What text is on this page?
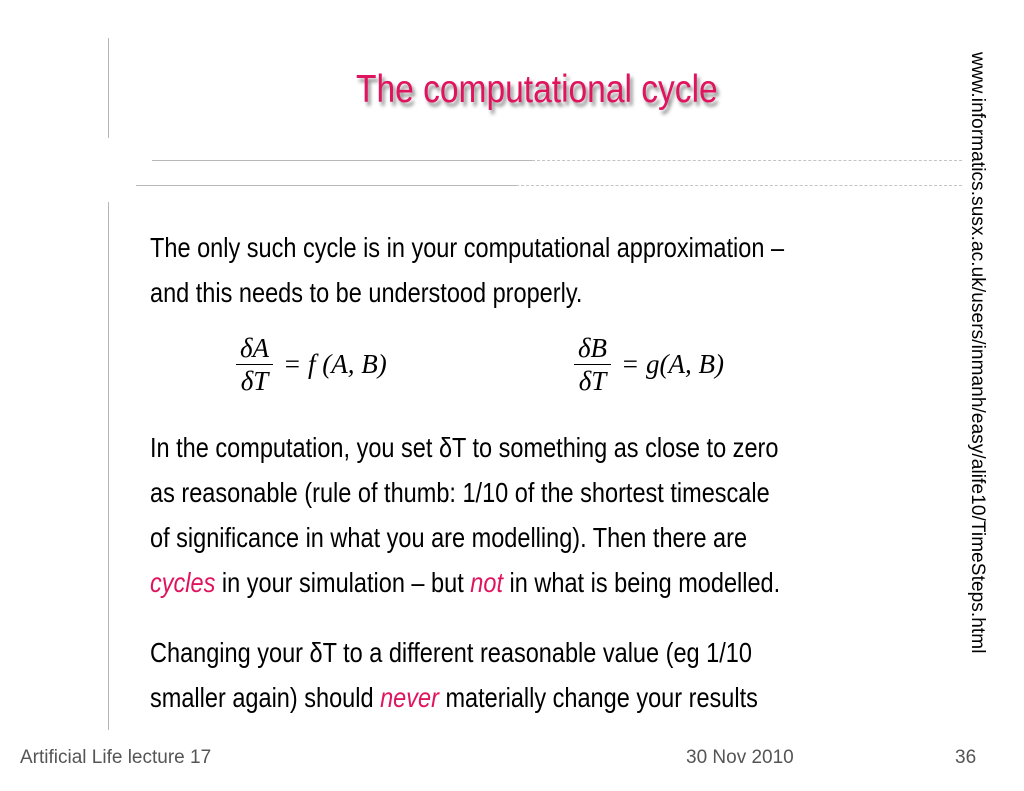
The computational cycle	www.informatics.susx.ac.uk/users/inmanh/easy/alife10/TimeSteps.html
The only such cycle is in your computational approximation –
and this needs to be understood properly.
$\frac{\delta A}{\delta T} = f$ (A, B)	$\frac{\delta B}{\delta T} = g(A$, B)
In the computation, you set δT to something as close to zero
as reasonable (rule of thumb: 1/10 of the shortest timescale
of significance in what you are modelling). Then there are
cycles in your simulation – but not in what is being modelled.
Changing your δT to a different reasonable value (eg 1/10
smaller again) should never materially change your results
Artificial Life lecture 17	30 Nov 2010	36
